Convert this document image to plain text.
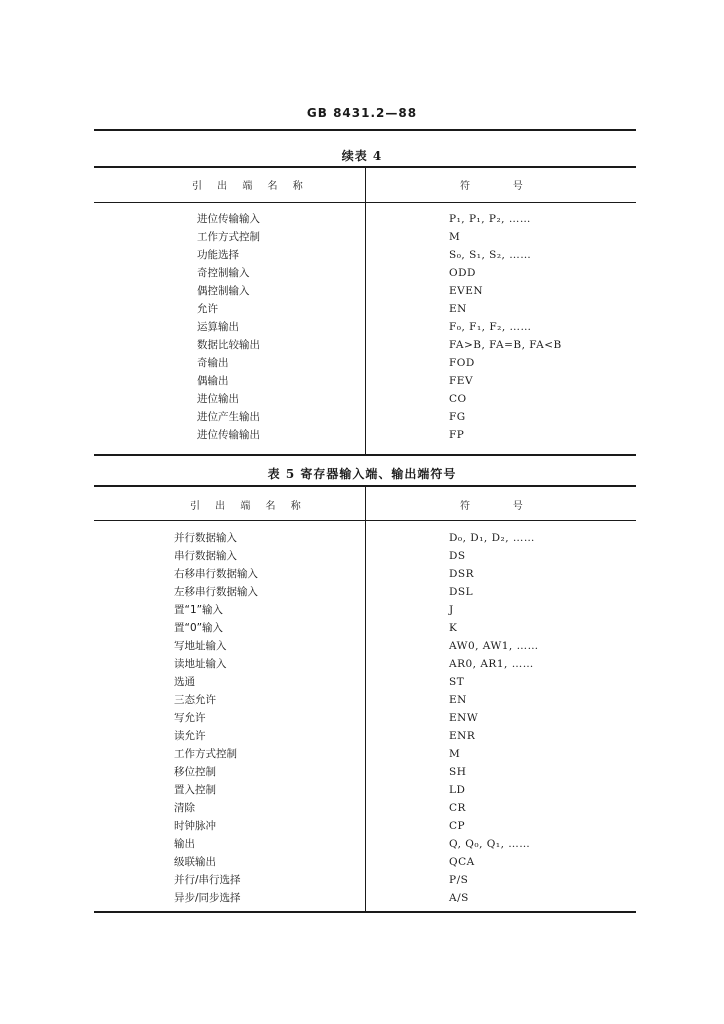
GB 8431.2—88
续表 4
引 出 端 名 称	符    号
进位传输输入	P₁, P₁, P₂, ……
工作方式控制	M
功能选择	S₀, S₁, S₂, ……
奇控制输入	ODD
偶控制输入	EVEN
允许	EN
运算输出	F₀, F₁, F₂, ……
数据比较输出	FA>B, FA=B, FA<B
奇输出	FOD
偶输出	FEV
进位输出	CO
进位产生输出	FG
进位传输输出	FP
表 5 寄存器输入端、输出端符号
引 出 端 名 称	符    号
并行数据输入	D₀, D₁, D₂, ……
串行数据输入	DS
右移串行数据输入	DSR
左移串行数据输入	DSL
置“1”输入	J
置“0”输入	K
写地址输入	AW0, AW1, ……
读地址输入	AR0, AR1, ……
选通	ST
三态允许	EN
写允许	ENW
读允许	ENR
工作方式控制	M
移位控制	SH
置入控制	LD
清除	CR
时钟脉冲	CP
输出	Q, Q₀, Q₁, ……
级联输出	QCA
并行/串行选择	P/S
异步/同步选择	A/S
